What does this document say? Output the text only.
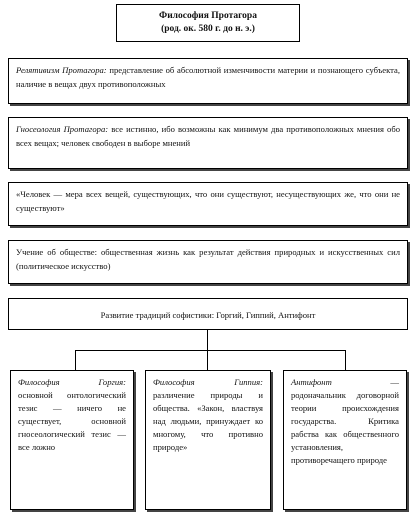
Философия Протагора
(род. ок. 580 г. до н. э.)
Релятивизм Протагора: представление об абсолютной изменчивости материи и познающего субъекта, наличие в вещах двух противоположных
Гносеология Протагора: все истинно, ибо возможны как минимум два противоположных мнения обо всех вещах; человек свободен в выборе мнений
«Человек — мера всех вещей, существующих, что они существуют, несуществующих же, что они не существуют»
Учение об обществе: общественная жизнь как результат действия природных и искусственных сил (политическое искусство)
Развитие традиций софистики: Горгий, Гиппий, Антифонт
Философия Горгия: основной онтологический тезис — ничего не существует, основной гносеологический тезис — все ложно
Философия Гиппия: различение природы и общества. «Закон, властвуя над людьми, принуждает ко многому, что противно природе»
Антифонт — родоначальник договорной теории происхождения государства. Критика рабства как общественного установления, противоречащего природе
